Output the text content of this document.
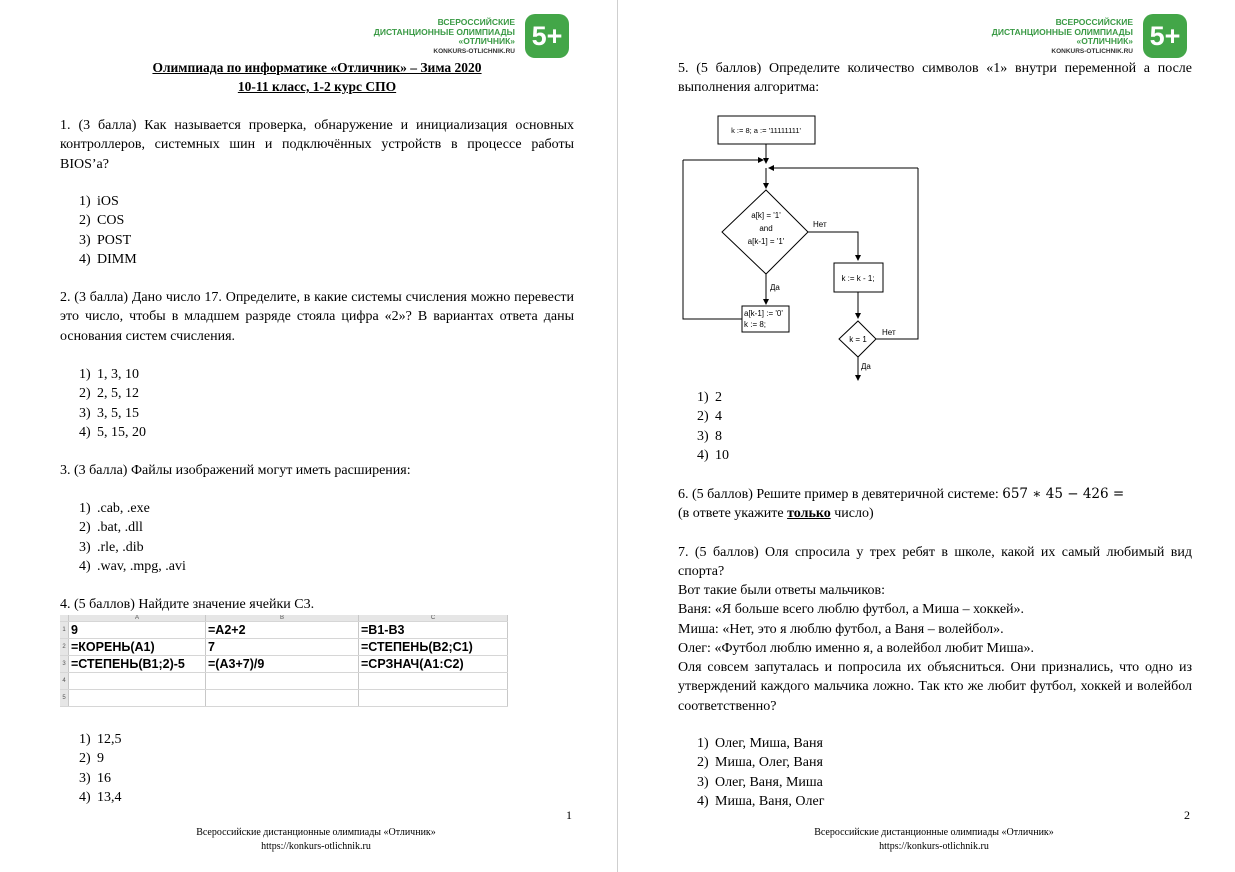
ВСЕРОССИЙСКИЕ
ДИСТАНЦИОННЫЕ ОЛИМПИАДЫ
«ОТЛИЧНИК»
KONKURS-OTLICHNIK.RU 5+
Олимпиада по информатике «Отличник» – Зима 2020
10-11 класс, 1-2 курс СПО
1. (3 балла) Как называется проверка, обнаружение и инициализация основных контроллеров, системных шин и подключённых устройств в процессе работы BIOS’а?
1) iOS
2) COS
3) POST
4) DIMM
2. (3 балла) Дано число 17. Определите, в какие системы счисления можно перевести это число, чтобы в младшем разряде стояла цифра «2»? В вариантах ответа даны основания систем счисления.
1) 1, 3, 10
2) 2, 5, 12
3) 3, 5, 15
4) 5, 15, 20
3. (3 балла) Файлы изображений могут иметь расширения:
1) .cab, .exe
2) .bat, .dll
3) .rle, .dib
4) .wav, .mpg, .avi
4. (5 баллов) Найдите значение ячейки С3.
	A	B	C
1	9	=A2+2	=B1-B3
2	=КОРЕНЬ(A1)	7	=СТЕПЕНЬ(B2;C1)
3	=СТЕПЕНЬ(B1;2)-5	=(A3+7)/9	=СРЗНАЧ(A1:C2)
4			
5			
1) 12,5
2) 9
3) 16
4) 13,4
1
Всероссийские дистанционные олимпиады «Отличник»
https://konkurs-otlichnik.ru
ВСЕРОССИЙСКИЕ
ДИСТАНЦИОННЫЕ ОЛИМПИАДЫ
«ОТЛИЧНИК»
KONKURS-OTLICHNIK.RU 5+
5. (5 баллов) Определите количество символов «1» внутри переменной а после выполнения алгоритма:
k := 8; a := '11111111'
a[k] = '1'
and
a[k-1] = '1'
Нет
Да
a[k-1] := '0'
k := 8;
k := k - 1;
k = 1
Нет
Да
1) 2
2) 4
3) 8
4) 10
6. (5 баллов) Решите пример в девятеричной системе: 657 ∗ 45 − 426 =
(в ответе укажите только число)
7. (5 баллов) Оля спросила у трех ребят в школе, какой их самый любимый вид спорта?
Вот такие были ответы мальчиков:
Ваня: «Я больше всего люблю футбол, а Миша – хоккей».
Миша: «Нет, это я люблю футбол, а Ваня – волейбол».
Олег: «Футбол люблю именно я, а волейбол любит Миша».
Оля совсем запуталась и попросила их объясниться. Они признались, что одно из утверждений каждого мальчика ложно. Так кто же любит футбол, хоккей и волейбол соответственно?
1) Олег, Миша, Ваня
2) Миша, Олег, Ваня
3) Олег, Ваня, Миша
4) Миша, Ваня, Олег
2
Всероссийские дистанционные олимпиады «Отличник»
https://konkurs-otlichnik.ru
